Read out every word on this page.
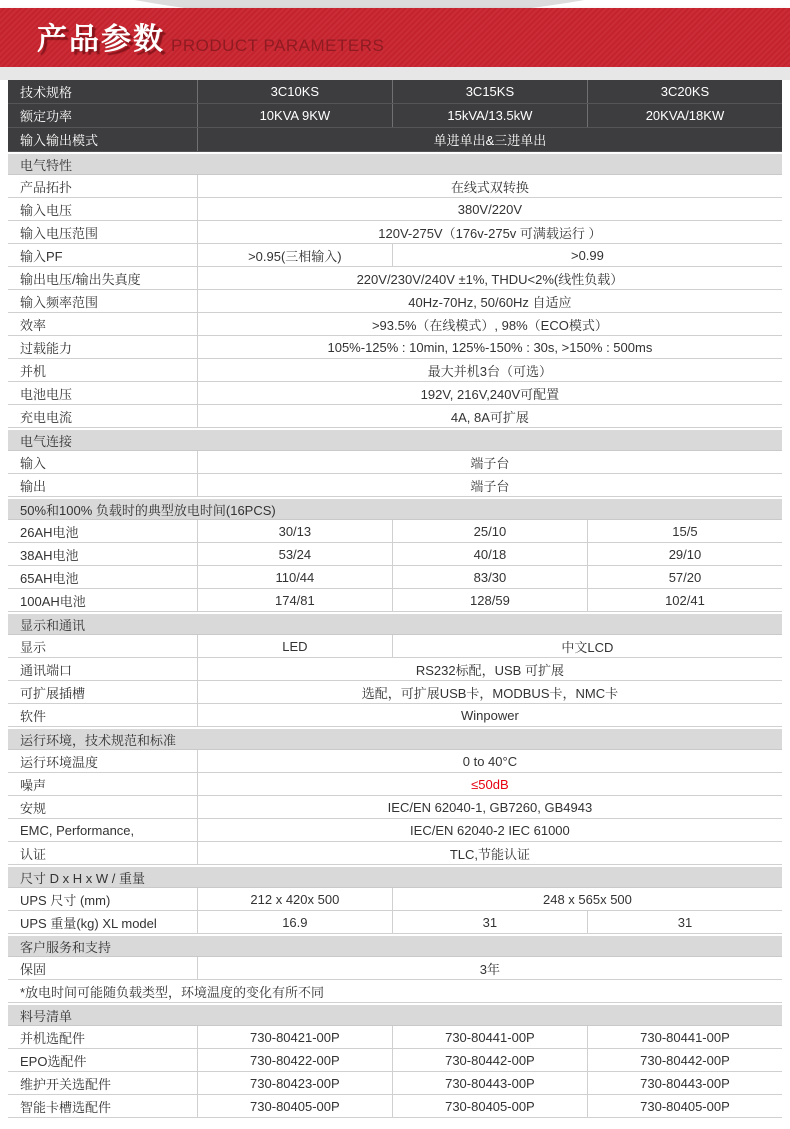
产品参数 PRODUCT PARAMETERS
技术规格	3C10KS	3C15KS	3C20KS
额定功率	10KVA 9KW	15kVA/13.5kW	20KVA/18KW
输入输出模式	单进单出&三进单出
电气特性
产品拓扑	在线式双转换
输入电压	380V/220V
输入电压范围	120V-275V（176v-275v 可满载运行 ）
输入PF	>0.95(三相输入)	>0.99
输出电压/输出失真度	220V/230V/240V ±1%, THDU<2%(线性负载）
输入频率范围	40Hz-70Hz, 50/60Hz 自适应
效率	>93.5%（在线模式）, 98%（ECO模式）
过载能力	105%-125% : 10min, 125%-150% : 30s, >150% : 500ms
并机	最大并机3台（可选）
电池电压	192V, 216V,240V可配置
充电电流	4A, 8A可扩展
电气连接
输入	端子台
输出	端子台
50%和100% 负载时的典型放电时间(16PCS)
26AH电池	30/13	25/10	15/5
38AH电池	53/24	40/18	29/10
65AH电池	110/44	83/30	57/20
100AH电池	174/81	128/59	102/41
显示和通讯
显示	LED	中文LCD
通讯端口	RS232标配，USB 可扩展
可扩展插槽	选配，可扩展USB卡，MODBUS卡，NMC卡
软件	Winpower
运行环境，技术规范和标准
运行环境温度	0 to 40°C
噪声	≤50dB
安规	IEC/EN 62040-1, GB7260, GB4943
EMC, Performance,	IEC/EN 62040-2 IEC 61000
认证	TLC,节能认证
尺寸 D x H x W / 重量
UPS 尺寸 (mm)	212 x 420x 500	248 x 565x 500
UPS 重量(kg) XL model	16.9	31	31
客户服务和支持
保固	3年
*放电时间可能随负载类型，环境温度的变化有所不同
料号清单
并机选配件	730-80421-00P	730-80441-00P	730-80441-00P
EPO选配件	730-80422-00P	730-80442-00P	730-80442-00P
维护开关选配件	730-80423-00P	730-80443-00P	730-80443-00P
智能卡槽选配件	730-80405-00P	730-80405-00P	730-80405-00P
